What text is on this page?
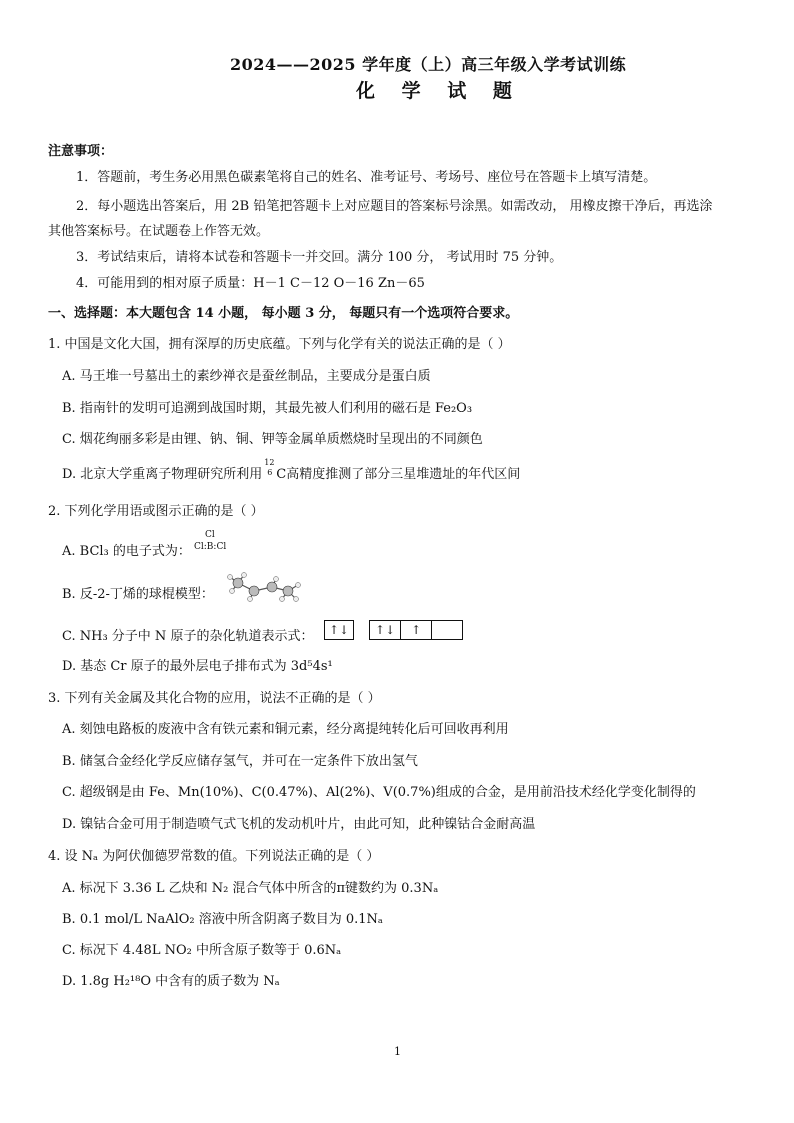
2024——2025 学年度（上）高三年级入学考试训练
化 学 试 题
注意事项：
1．答题前，考生务必用黑色碳素笔将自己的姓名、准考证号、考场号、座位号在答题卡上填写清楚。
2．每小题选出答案后，用 2B 铅笔把答题卡上对应题目的答案标号涂黑。如需改动， 用橡皮擦干净后，再选涂
其他答案标号。在试题卷上作答无效。
3．考试结束后，请将本试卷和答题卡一并交回。满分 100 分， 考试用时 75 分钟。
4．可能用到的相对原子质量：H－1 C－12 O－16 Zn－65
一、选择题：本大题包含 14 小题， 每小题 3 分， 每题只有一个选项符合要求。
1. 中国是文化大国，拥有深厚的历史底蕴。下列与化学有关的说法正确的是（ ）
A. 马王堆一号墓出土的素纱禅衣是蚕丝制品，主要成分是蛋白质
B. 指南针的发明可追溯到战国时期，其最先被人们利用的磁石是 Fe₂O₃
C. 烟花绚丽多彩是由锂、钠、铜、钾等金属单质燃烧时呈现出的不同颜色
D. 北京大学重离子物理研究所利用
12
6 C高精度推测了部分三星堆遗址的年代区间
2. 下列化学用语或图示正确的是（ ）
Cl
A. BCl₃ 的电子式为： Cl:B:Cl
B. 反-2-丁烯的球棍模型：
C. NH₃ 分子中 N 原子的杂化轨道表示式：	↑↓ ↑↓ ↑
D. 基态 Cr 原子的最外层电子排布式为 3d⁵4s¹
3. 下列有关金属及其化合物的应用，说法不正确的是（ ）
A. 刻蚀电路板的废液中含有铁元素和铜元素，经分离提纯转化后可回收再利用
B. 储氢合金经化学反应储存氢气，并可在一定条件下放出氢气
C. 超级钢是由 Fe、Mn(10%)、C(0.47%)、Al(2%)、V(0.7%)组成的合金，是用前沿技术经化学变化制得的
D. 镍钴合金可用于制造喷气式飞机的发动机叶片，由此可知，此种镍钴合金耐高温
4. 设 Nₐ 为阿伏伽德罗常数的值。下列说法正确的是（ ）
A. 标况下 3.36 L 乙炔和 N₂ 混合气体中所含的π键数约为 0.3Nₐ
B. 0.1 mol/L NaAlO₂ 溶液中所含阴离子数目为 0.1Nₐ
C. 标况下 4.48L NO₂ 中所含原子数等于 0.6Nₐ
D. 1.8g H₂¹⁸O 中含有的质子数为 Nₐ
1
